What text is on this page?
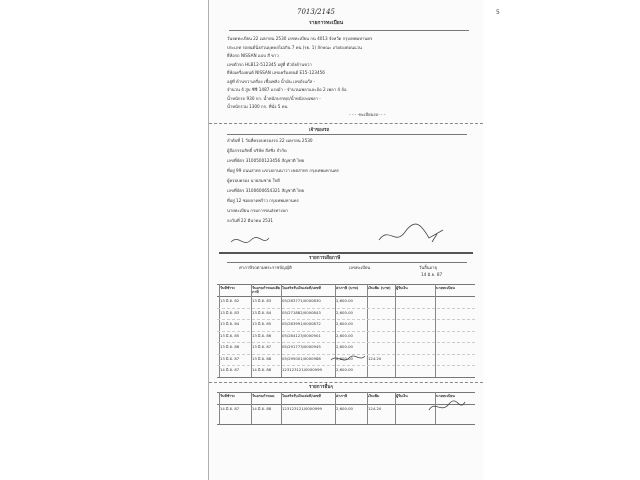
5
7013/2145
รายการทะเบียน
วันจดทะเบียน 22 เมษายน 2530 เลขทะเบียน กน 4013 จังหวัด กรุงเทพมหานคร
ประเภท รถยนต์นั่งส่วนบุคคลไม่เกิน 7 คน (รย. 1) ลักษณะ เก๋งสองตอนแวน
ยี่ห้อรถ NISSAN แบบ สี ขาว
เลขตัวรถ HLB12-512345 อยู่ที่ ตัวถังด้านขวา
ยี่ห้อเครื่องยนต์ NISSAN เลขเครื่องยนต์ E15-123456
อยู่ที่ ด้านขวาเครื่อง เชื้อเพลิง น้ำมัน เลขถังแก๊ส -
จำนวน 4 สูบ ซีซี 1487 แรงม้า - จำนวนเพลาและล้อ 2 เพลา 4 ล้อ
น้ำหนักรถ 930 กก. น้ำหนักบรรทุก/น้ำหนักลงเพลา -
น้ำหนักรวม 1300 กก. ที่นั่ง 5 คน
- - - -ทะเบียนรถ- - -
เจ้าของรถ
ลำดับที่ 1 วันที่ครอบครองรถ 22 เมษายน 2530
ผู้ถือกรรมสิทธิ์ บริษัท ลีสซิ่ง จำกัด
เลขที่บัตร 3100500123456 สัญชาติ ไทย
ที่อยู่ 99 ถนนสาทร แขวงยานนาวา เขตสาทร กรุงเทพมหานคร
ผู้ครอบครอง นายสมชาย ใจดี
เลขที่บัตร 3100600654321 สัญชาติ ไทย
ที่อยู่ 12 ซอยลาดพร้าว กรุงเทพมหานคร
นายทะเบียน กรมการขนส่งทางบก
ลงวันที่ 22 มีนาคม 2531
รายการเสียภาษี
ค่าภาษีรถตามพระราชบัญญัติ	เลขทะเบียน	วันสิ้นอายุ
14 มิ.ย. 87
วันที่ชำระ	วันครบกำหนดเสียภาษี
ใบเสร็จรับเงินเล่มที่/เลขที่	ค่าภาษี (บาท)	เงินเพิ่ม (บาท)	ผู้รับเงิน	นายทะเบียน
13 มิ.ย. 82	13 มิ.ย. 83	05/283771/0000830	2,600.00
13 มิ.ย. 83	13 มิ.ย. 84	05/271882/0000843	2,600.00
13 มิ.ย. 84	13 มิ.ย. 85	05/283991/0000872	2,600.00
13 มิ.ย. 85	13 มิ.ย. 86	05/284123/0000901	2,600.00
13 มิ.ย. 86	13 มิ.ย. 87	05/291773/0000945	2,600.00
13 มิ.ย. 87	13 มิ.ย. 88	05/295001/0000988	2,600.00	124.20
14 มิ.ย. 87	14 มิ.ย. 88	123123121/0000999	2,600.00
รายการอื่นๆ
วันที่ชำระ	วันครบกำหนด	ใบเสร็จรับเงินเล่มที่/เลขที่	ค่าภาษี	เงินเพิ่ม	ผู้รับเงิน	นายทะเบียน
14 มิ.ย. 87	14 มิ.ย. 88	123123121/0000999	2,600.00	124.20
